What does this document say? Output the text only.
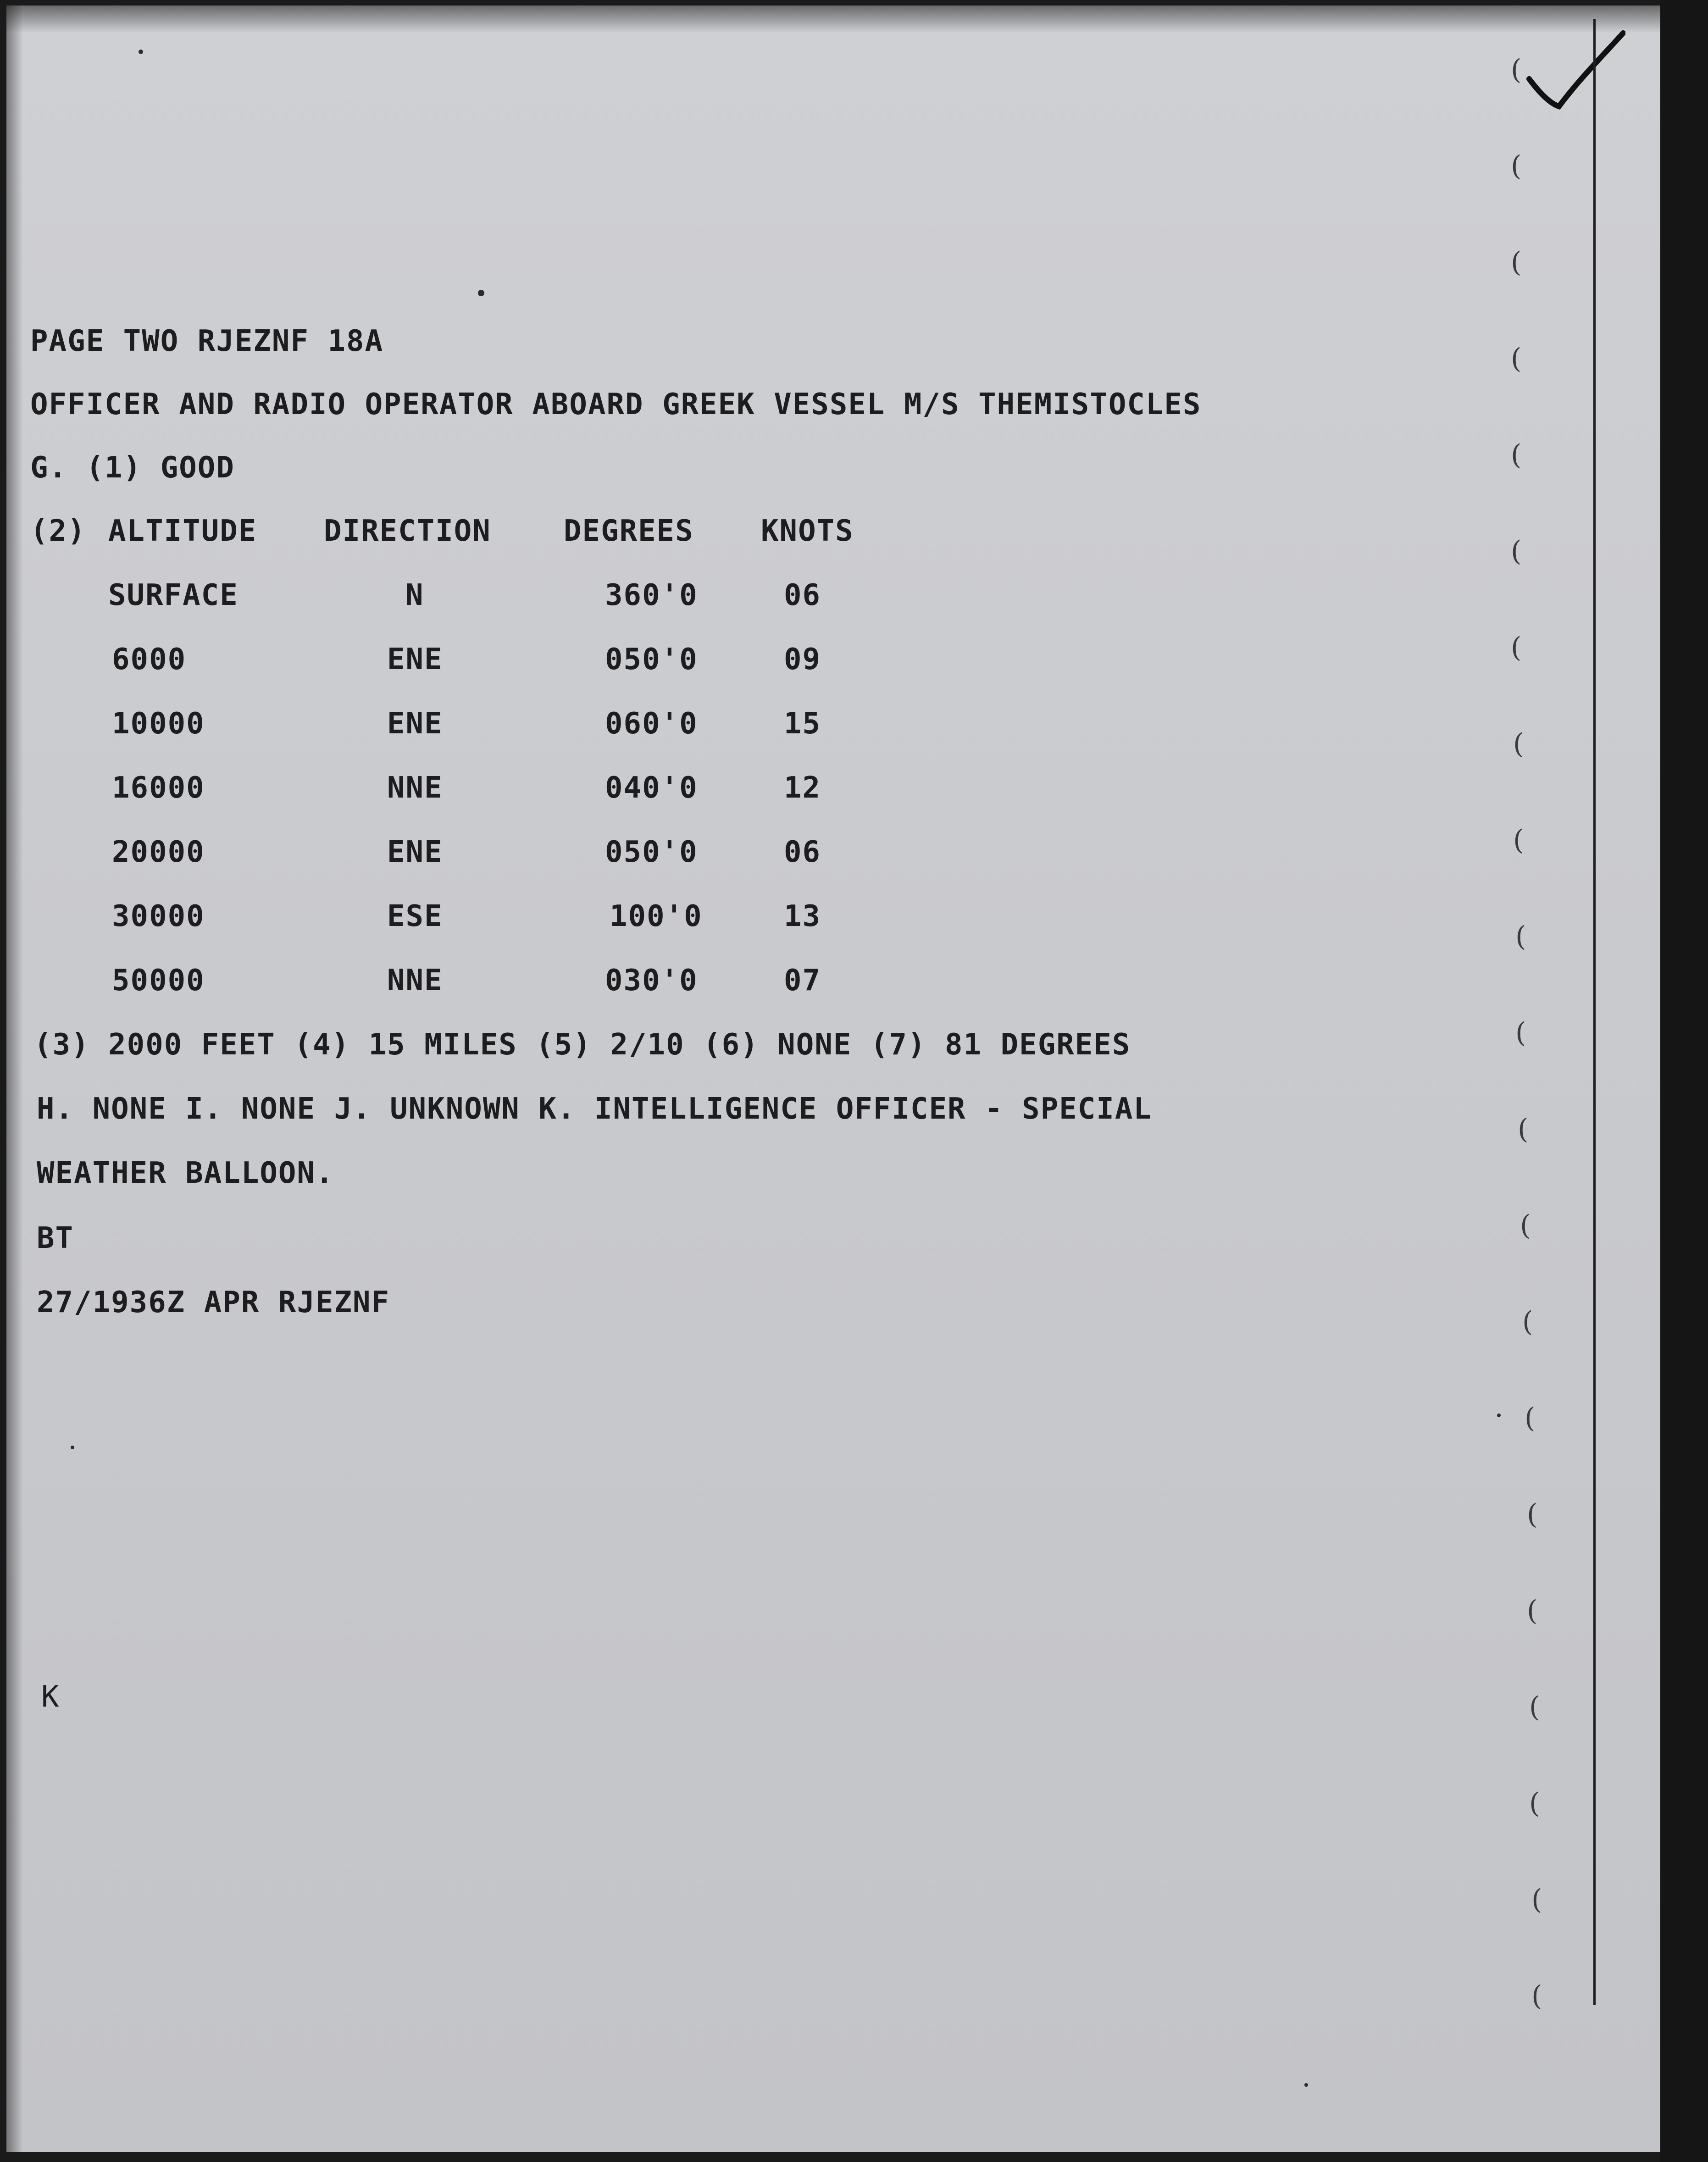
PAGE TWO RJEZNF 18A

OFFICER AND RADIO OPERATOR ABOARD GREEK VESSEL M/S THEMISTOCLES

G. (1) GOOD

(2) ALTITUDE DIRECTION DEGREES KNOTS

SURFACE	N	360'0	06

6000	ENE	050'0	09

10000	ENE	060'0	15

16000	NNE	040'0	12

20000	ENE	050'0	06

30000	ESE	100'0	13

50000	NNE	030'0	07

(3) 2000 FEET (4) 15 MILES (5) 2/10 (6) NONE (7) 81 DEGREES

H. NONE I. NONE J. UNKNOWN K. INTELLIGENCE OFFICER - SPECIAL

WEATHER BALLOON.

BT

27/1936Z APR RJEZNF

K

(
(
(
(
(
(
(
(
(
(
(
(
(
(
(
(
(
(
(
(
(
